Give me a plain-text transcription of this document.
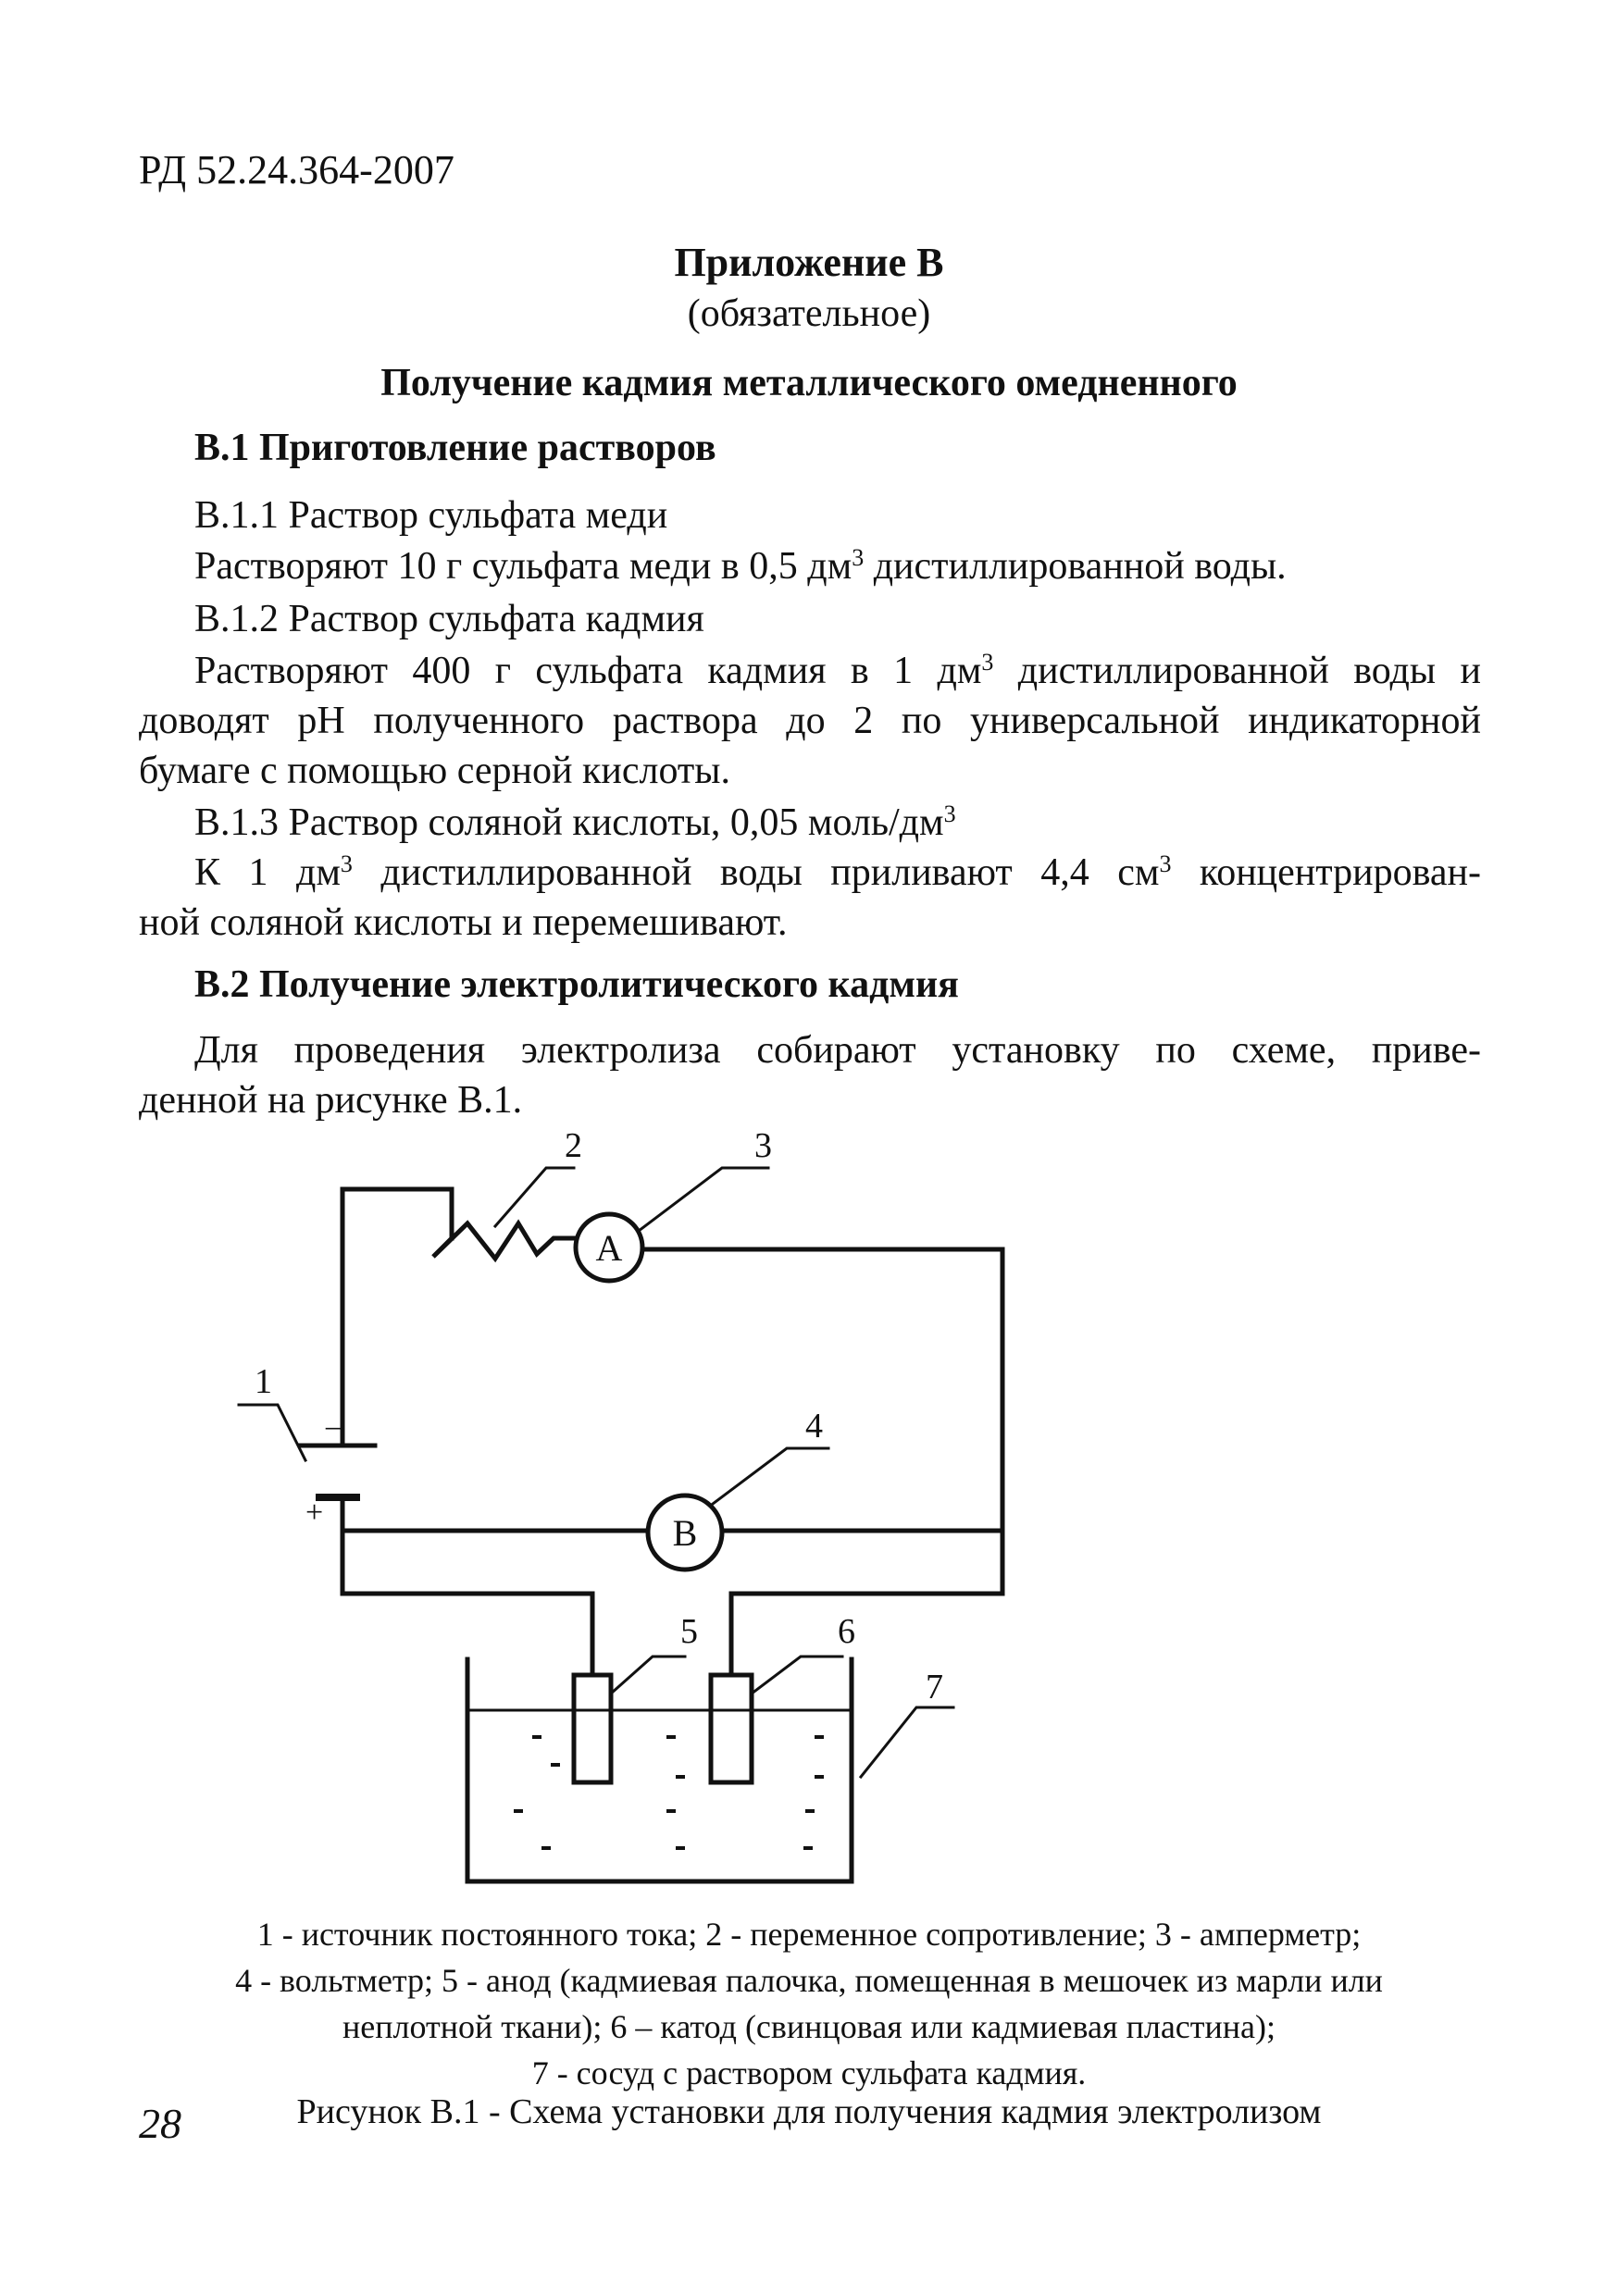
РД 52.24.364-2007
Приложение В
(обязательное)
Получение кадмия металлического омедненного
В.1 Приготовление растворов
В.1.1 Раствор сульфата меди
Растворяют 10 г сульфата меди в 0,5 $дм^3$ дистиллированной воды.
В.1.2 Раствор сульфата кадмия
Растворяют 400 г сульфата кадмия в 1 $дм^3$ дистиллированной воды и
доводят pH полученного раствора до 2 по универсальной индикаторной
бумаге с помощью серной кислоты.
В.1.3 Раствор соляной кислоты, 0,05 моль/$дм^3$
К 1 $дм^3$ дистиллированной воды приливают 4,4 $см^3$ концентрирован-
ной соляной кислоты и перемешивают.
В.2 Получение электролитического кадмия
Для проведения электролиза собирают установку по схеме, приве-
денной на рисунке В.1.
1
2	3
4
5	6
7
A
B
−
+
1 - источник постоянного тока; 2 - переменное сопротивление; 3 - амперметр;
4 - вольтметр; 5 - анод (кадмиевая палочка, помещенная в мешочек из марли или
неплотной ткани); 6 – катод (свинцовая или кадмиевая пластина);
7 - сосуд с раствором сульфата кадмия.
Рисунок В.1 - Схема установки для получения кадмия электролизом
28
